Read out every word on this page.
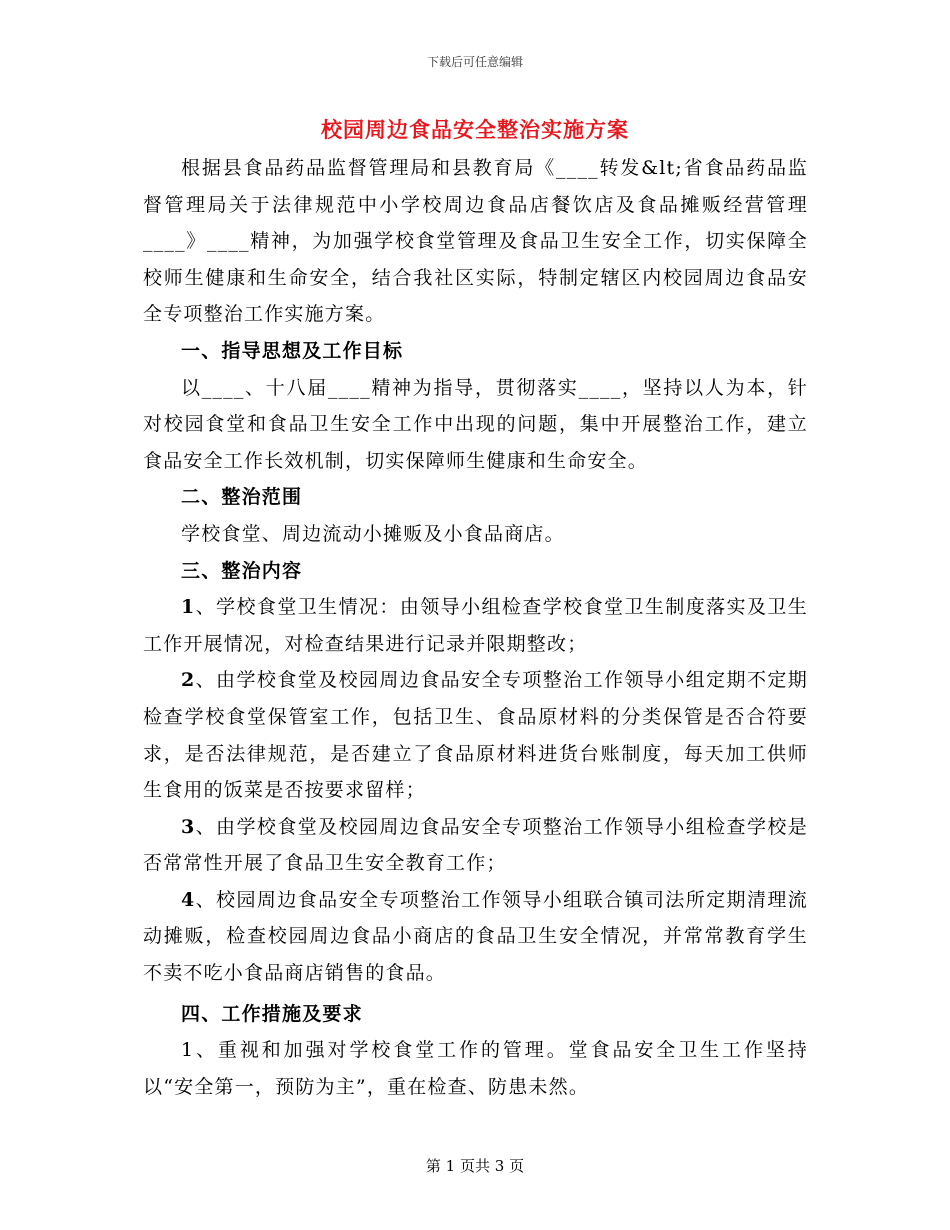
下载后可任意编辑
校园周边食品安全整治实施方案

根据县食品药品监督管理局和县教育局《____转发&lt;省食品药品监督管理局关于法律规范中小学校周边食品店餐饮店及食品摊贩经营管理____》____精神，为加强学校食堂管理及食品卫生安全工作，切实保障全校师生健康和生命安全，结合我社区实际，特制定辖区内校园周边食品安全专项整治工作实施方案。

一、指导思想及工作目标

以____、十八届____精神为指导，贯彻落实____，坚持以人为本，针对校园食堂和食品卫生安全工作中出现的问题，集中开展整治工作，建立食品安全工作长效机制，切实保障师生健康和生命安全。

二、整治范围

学校食堂、周边流动小摊贩及小食品商店。

三、整治内容

1、学校食堂卫生情况：由领导小组检查学校食堂卫生制度落实及卫生工作开展情况，对检查结果进行记录并限期整改；

2、由学校食堂及校园周边食品安全专项整治工作领导小组定期不定期检查学校食堂保管室工作，包括卫生、食品原材料的分类保管是否合符要求，是否法律规范，是否建立了食品原材料进货台账制度，每天加工供师生食用的饭菜是否按要求留样；

3、由学校食堂及校园周边食品安全专项整治工作领导小组检查学校是否常常性开展了食品卫生安全教育工作；

4、校园周边食品安全专项整治工作领导小组联合镇司法所定期清理流动摊贩，检查校园周边食品小商店的食品卫生安全情况，并常常教育学生不卖不吃小食品商店销售的食品。

四、工作措施及要求

1、重视和加强对学校食堂工作的管理。堂食品安全卫生工作坚持以“安全第一，预防为主”，重在检查、防患未然。

第 1 页共 3 页
